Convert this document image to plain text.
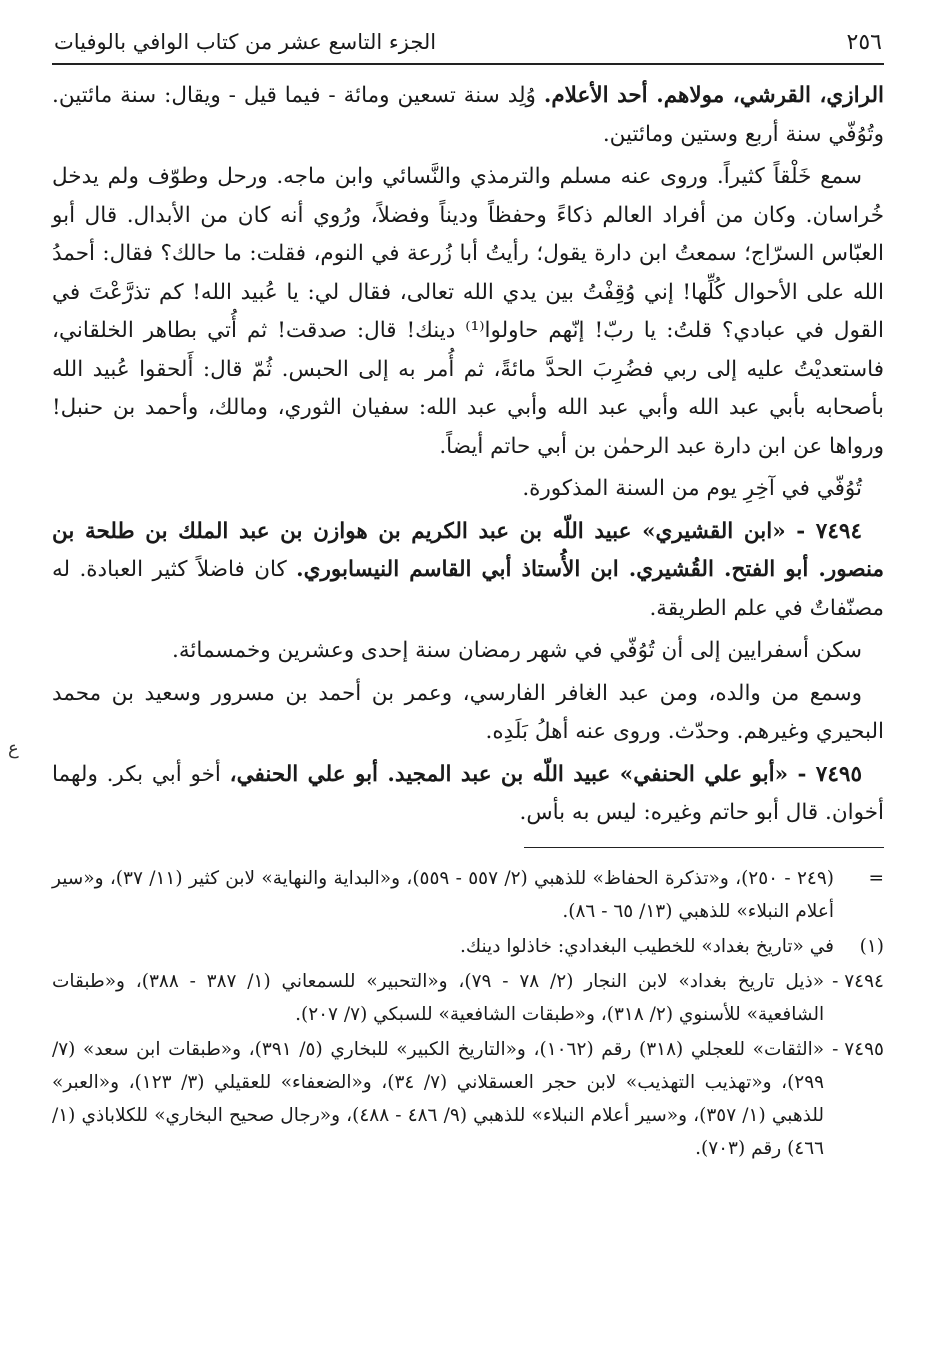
٢٥٦
الجزء التاسع عشر من كتاب الوافي بالوفيات

الرازي، القرشي، مولاهم. أحد الأعلام. وُلِد سنة تسعين ومائة - فيما قيل - ويقال: سنة مائتين. وتُوُفّي سنة أربع وستين ومائتين.

سمع خَلْقاً كثيراً. وروى عنه مسلم والترمذي والنَّسائي وابن ماجه. ورحل وطوّف ولم يدخل خُراسان. وكان من أفراد العالم ذكاءً وحفظاً وديناً وفضلاً، ورُوي أنه كان من الأبدال. قال أبو العبّاس السرّاج؛ سمعتُ ابن دارة يقول؛ رأيتُ أبا زُرعة في النوم، فقلت: ما حالك؟ فقال: أحمدُ الله على الأحوال كُلِّها! إني وُقِفْتُ بين يدي الله تعالى، فقال لي: يا عُبيد الله! كم تذرَّعْتَ في القول في عبادي؟ قلتُ: يا ربّ! إنّهم حاولوا⁽¹⁾ دينك! قال: صدقت! ثم أُتي بطاهر الخلقاني، فاستعديْتُ عليه إلى ربي فضُرِبَ الحدَّ مائةً، ثم أُمر به إلى الحبس. ثُمّ قال: أَلحقوا عُبيد الله بأصحابه بأبي عبد الله وأبي عبد الله وأبي عبد الله: سفيان الثوري، ومالك، وأحمد بن حنبل! ورواها عن ابن دارة عبد الرحمٰن بن أبي حاتم أيضاً.

تُوُفّي في آخِرِ يوم من السنة المذكورة.

٧٤٩٤ - «ابن القشيري» عبيد اللّه بن عبد الكريم بن هوازن بن عبد الملك بن طلحة بن منصور. أبو الفتح. القُشيري. ابن الأُستاذ أبي القاسم النيسابوري. كان فاضلاً كثير العبادة. له مصنّفاتٌ في علم الطريقة.

سكن أسفرايين إلى أن تُوُفّي في شهر رمضان سنة إحدى وعشرين وخمسمائة.

وسمع من والده، ومن عبد الغافر الفارسي، وعمر بن أحمد بن مسرور وسعيد بن محمد البحيري وغيرهم. وحدّث. وروى عنه أهلُ بَلَدِه.

٧٤٩٥ - «أبو علي الحنفي» عبيد اللّه بن عبد المجيد. أبو علي الحنفي، أخو أبي بكر. ولهما أخوان. قال أبو حاتم وغيره: ليس به بأس.

=
(٢٤٩ - ٢٥٠)، و«تذكرة الحفاظ» للذهبي (٢/ ٥٥٧ - ٥٥٩)، و«البداية والنهاية» لابن كثير (١١/ ٣٧)، و«سير أعلام النبلاء» للذهبي (١٣/ ٦٥ - ٨٦).
(١)
في «تاريخ بغداد» للخطيب البغدادي: خاذلوا دينك.
٧٤٩٤ -
«ذيل تاريخ بغداد» لابن النجار (٢/ ٧٨ - ٧٩)، و«التحبير» للسمعاني (١/ ٣٨٧ - ٣٨٨)، و«طبقات الشافعية» للأسنوي (٢/ ٣١٨)، و«طبقات الشافعية» للسبكي (٧/ ٢٠٧).
٧٤٩٥ -
«الثقات» للعجلي (٣١٨) رقم (١٠٦٢)، و«التاريخ الكبير» للبخاري (٥/ ٣٩١)، و«طبقات ابن سعد» (٧/ ٢٩٩)، و«تهذيب التهذيب» لابن حجر العسقلاني (٧/ ٣٤)، و«الضعفاء» للعقيلي (٣/ ١٢٣)، و«العبر» للذهبي (١/ ٣٥٧)، و«سير أعلام النبلاء» للذهبي (٩/ ٤٨٦ - ٤٨٨)، و«رجال صحيح البخاري» للكلاباذي (١/ ٤٦٦) رقم (٧٠٣).
ع
